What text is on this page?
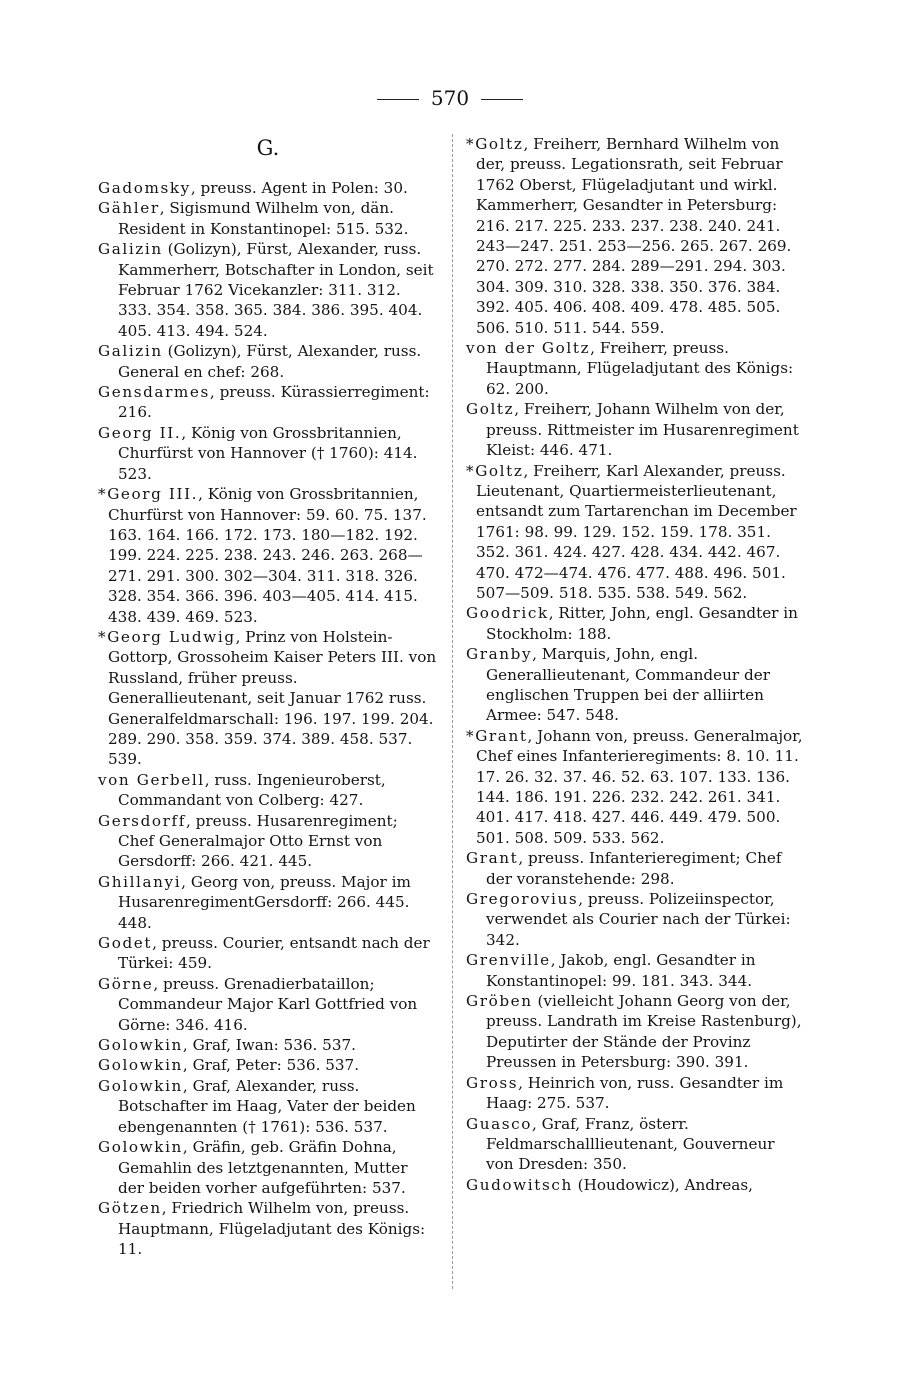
570
G.

Gadomsky, preuss. Agent in Polen: 30.

Gähler, Sigismund Wilhelm von, dän. Resident in Konstantinopel: 515. 532.

Galizin (Golizyn), Fürst, Alexander, russ. Kammerherr, Botschafter in London, seit Februar 1762 Vicekanzler: 311. 312. 333. 354. 358. 365. 384. 386. 395. 404. 405. 413. 494. 524.

Galizin (Golizyn), Fürst, Alexander, russ. General en chef: 268.

Gensdarmes, preuss. Kürassierregiment: 216.

Georg II., König von Grossbritannien, Churfürst von Hannover († 1760): 414. 523.

*Georg III., König von Grossbritannien, Churfürst von Hannover: 59. 60. 75. 137. 163. 164. 166. 172. 173. 180—182. 192. 199. 224. 225. 238. 243. 246. 263. 268—271. 291. 300. 302—304. 311. 318. 326. 328. 354. 366. 396. 403—405. 414. 415. 438. 439. 469. 523.

*Georg Ludwig, Prinz von Holstein-Gottorp, Grossoheim Kaiser Peters III. von Russland, früher preuss. Generallieutenant, seit Januar 1762 russ. Generalfeldmarschall: 196. 197. 199. 204. 289. 290. 358. 359. 374. 389. 458. 537. 539.

von Gerbell, russ. Ingenieuroberst, Commandant von Colberg: 427.

Gersdorff, preuss. Husarenregiment; Chef Generalmajor Otto Ernst von Gersdorff: 266. 421. 445.

Ghillanyi, Georg von, preuss. Major im HusarenregimentGersdorff: 266. 445. 448.

Godet, preuss. Courier, entsandt nach der Türkei: 459.

Görne, preuss. Grenadierbataillon; Commandeur Major Karl Gottfried von Görne: 346. 416.

Golowkin, Graf, Iwan: 536. 537.

Golowkin, Graf, Peter: 536. 537.

Golowkin, Graf, Alexander, russ. Botschafter im Haag, Vater der beiden ebengenannten († 1761): 536. 537.

Golowkin, Gräfin, geb. Gräfin Dohna, Gemahlin des letztgenannten, Mutter der beiden vorher aufgeführten: 537.

Götzen, Friedrich Wilhelm von, preuss. Hauptmann, Flügeladjutant des Königs: 11.

*Goltz, Freiherr, Bernhard Wilhelm von der, preuss. Legationsrath, seit Februar 1762 Oberst, Flügeladjutant und wirkl. Kammerherr, Gesandter in Petersburg: 216. 217. 225. 233. 237. 238. 240. 241. 243—247. 251. 253—256. 265. 267. 269. 270. 272. 277. 284. 289—291. 294. 303. 304. 309. 310. 328. 338. 350. 376. 384. 392. 405. 406. 408. 409. 478. 485. 505. 506. 510. 511. 544. 559.

von der Goltz, Freiherr, preuss. Hauptmann, Flügeladjutant des Königs: 62. 200.

Goltz, Freiherr, Johann Wilhelm von der, preuss. Rittmeister im Husarenregiment Kleist: 446. 471.

*Goltz, Freiherr, Karl Alexander, preuss. Lieutenant, Quartiermeisterlieutenant, entsandt zum Tartarenchan im December 1761: 98. 99. 129. 152. 159. 178. 351. 352. 361. 424. 427. 428. 434. 442. 467. 470. 472—474. 476. 477. 488. 496. 501. 507—509. 518. 535. 538. 549. 562.

Goodrick, Ritter, John, engl. Gesandter in Stockholm: 188.

Granby, Marquis, John, engl. Generallieutenant, Commandeur der englischen Truppen bei der alliirten Armee: 547. 548.

*Grant, Johann von, preuss. Generalmajor, Chef eines Infanterieregiments: 8. 10. 11. 17. 26. 32. 37. 46. 52. 63. 107. 133. 136. 144. 186. 191. 226. 232. 242. 261. 341. 401. 417. 418. 427. 446. 449. 479. 500. 501. 508. 509. 533. 562.

Grant, preuss. Infanterieregiment; Chef der voranstehende: 298.

Gregorovius, preuss. Polizeiinspector, verwendet als Courier nach der Türkei: 342.

Grenville, Jakob, engl. Gesandter in Konstantinopel: 99. 181. 343. 344.

Gröben (vielleicht Johann Georg von der, preuss. Landrath im Kreise Rastenburg), Deputirter der Stände der Provinz Preussen in Petersburg: 390. 391.

Gross, Heinrich von, russ. Gesandter im Haag: 275. 537.

Guasco, Graf, Franz, österr. Feldmarschalllieutenant, Gouverneur von Dresden: 350.

Gudowitsch (Houdowicz), Andreas,
